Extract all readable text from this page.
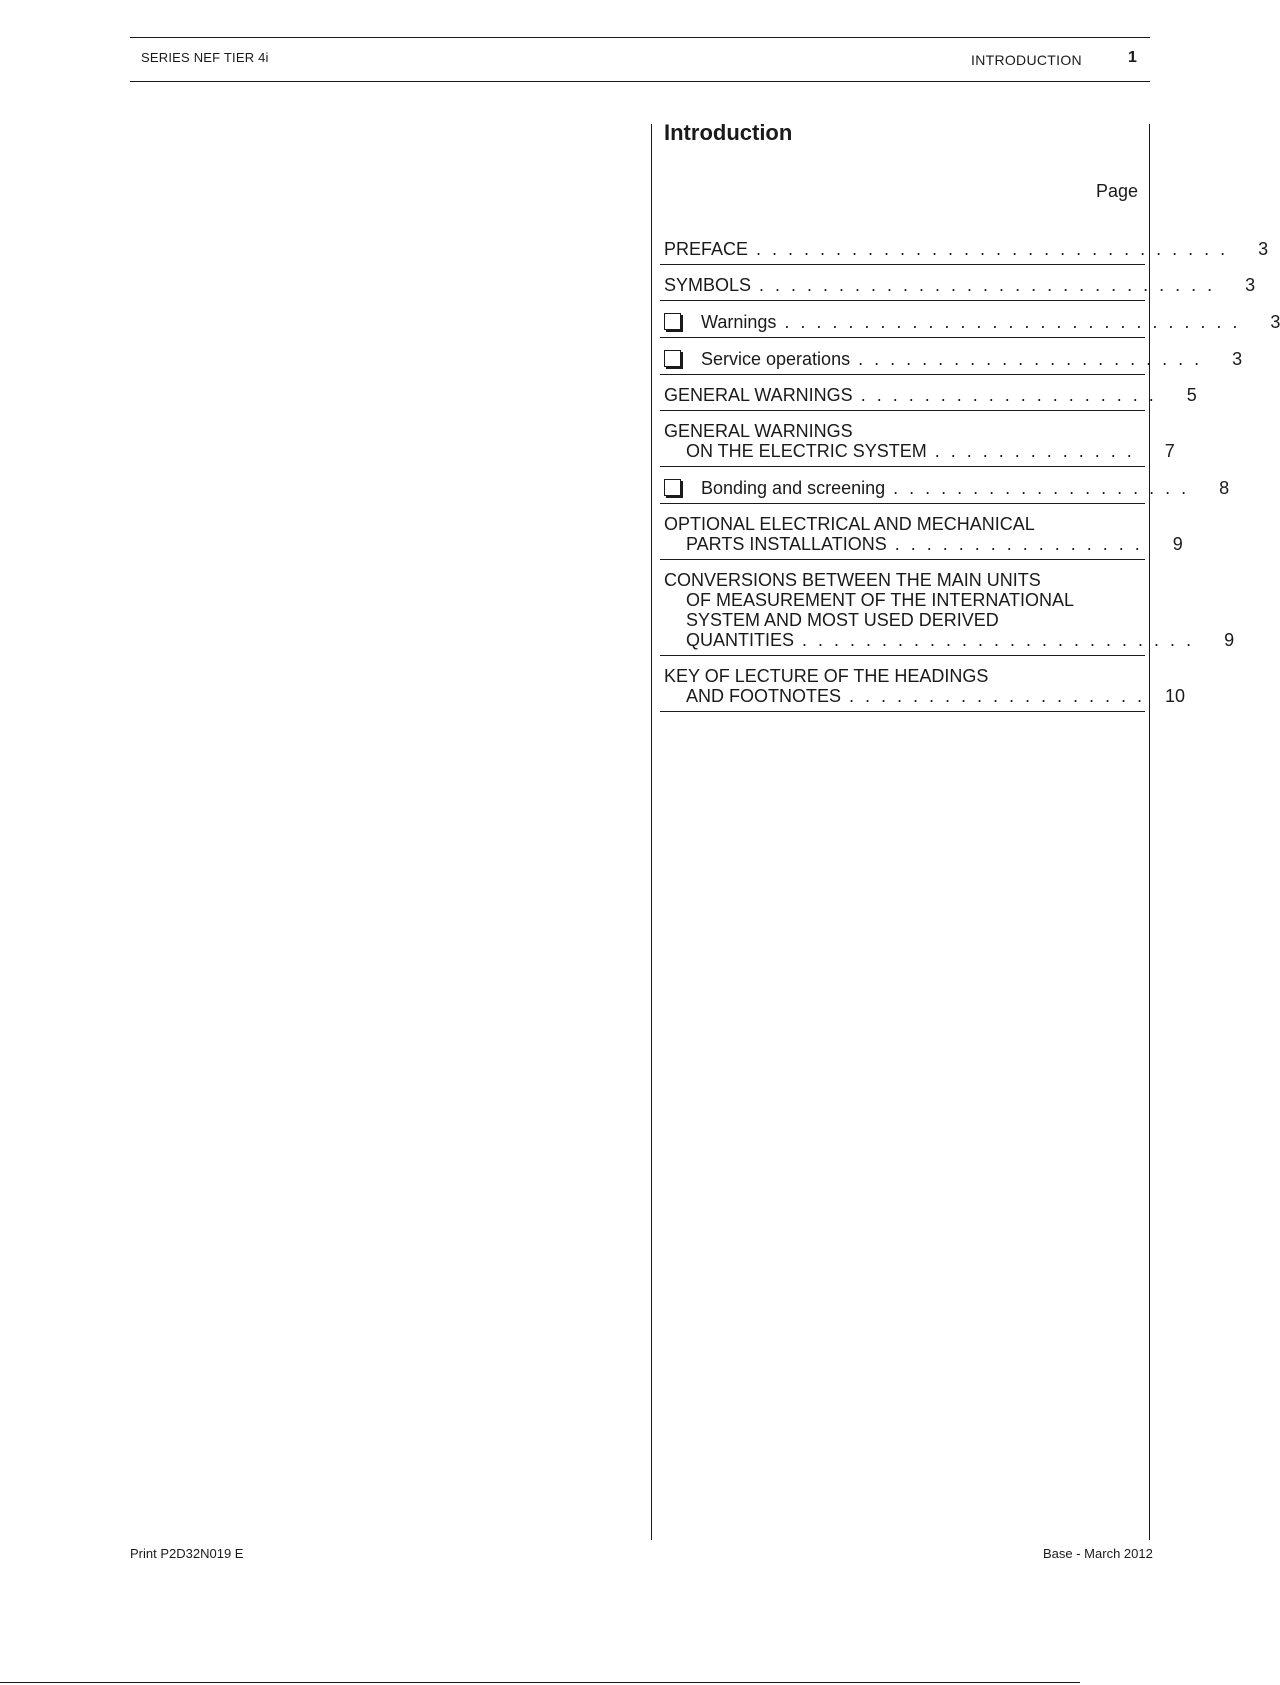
SERIES NEF TIER 4i	INTRODUCTION	1
Introduction
Page
PREFACE . . . . . . . . . . . . . . . . . . . . . . . . . . . . . .	3
SYMBOLS . . . . . . . . . . . . . . . . . . . . . . . . . . . . .	3
Warnings . . . . . . . . . . . . . . . . . . . . . . . . . . . . .	3
Service operations . . . . . . . . . . . . . . . . . . . . . .	3
GENERAL WARNINGS . . . . . . . . . . . . . . . . . . .	5
GENERAL WARNINGS
ON THE ELECTRIC SYSTEM . . . . . . . . . . . . .	7
Bonding and screening . . . . . . . . . . . . . . . . . . .	8
OPTIONAL ELECTRICAL AND MECHANICAL
PARTS INSTALLATIONS . . . . . . . . . . . . . . . .	9
CONVERSIONS BETWEEN THE MAIN UNITS
OF MEASUREMENT OF THE INTERNATIONAL
SYSTEM AND MOST USED DERIVED
QUANTITIES . . . . . . . . . . . . . . . . . . . . . . . . .	9
KEY OF LECTURE OF THE HEADINGS
AND FOOTNOTES . . . . . . . . . . . . . . . . . . .	10
Print P2D32N019 E	Base - March 2012
